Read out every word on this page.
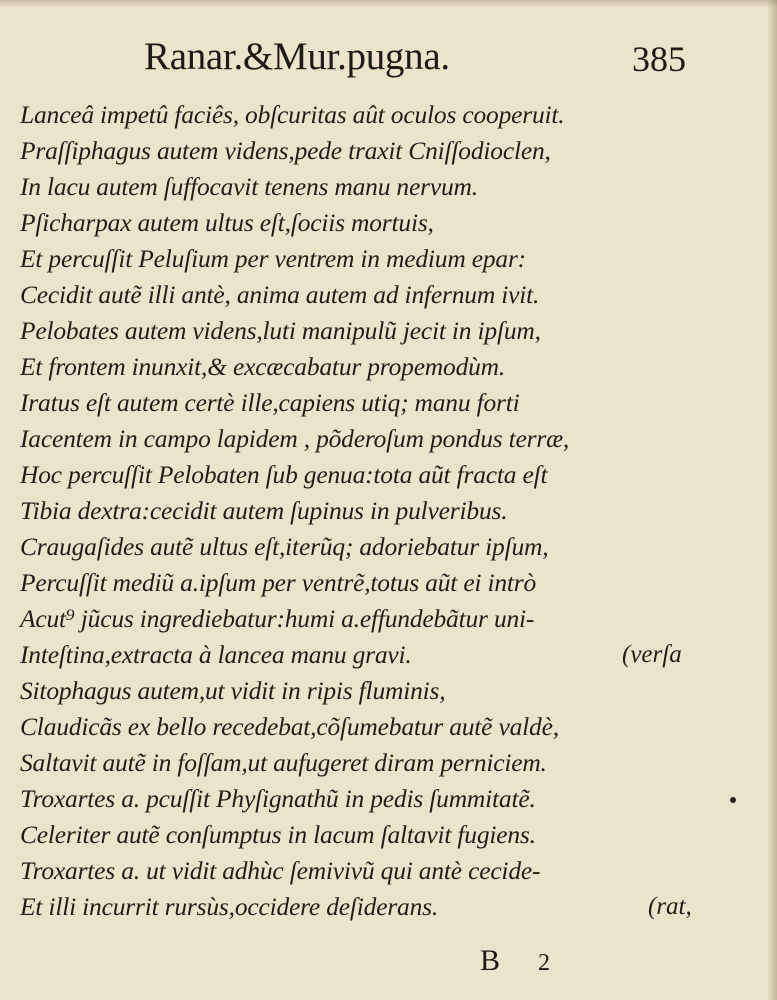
Ranar.&Mur.pugna.	385
Lanceâ impetû faciês, obſcuritas aût oculos cooperuit.
Praſſiphagus autem videns,pede traxit Cniſſodioclen,
In lacu autem ſuffocavit tenens manu nervum.
Pſicharpax autem ultus eſt,ſociis mortuis,
Et percuſſit Peluſium per ventrem in medium epar:
Cecidit autẽ illi antè, anima autem ad infernum ivit.
Pelobates autem videns,luti manipulũ jecit in ipſum,
Et frontem inunxit,& excæcabatur propemodùm.
Iratus eſt autem certè ille,capiens utiq; manu forti
Iacentem in campo lapidem , põderoſum pondus terræ,
Hoc percuſſit Pelobaten ſub genua:tota aũt fracta eſt
Tibia dextra:cecidit autem ſupinus in pulveribus.
Craugaſides autẽ ultus eſt,iterũq; adoriebatur ipſum,
Percuſſit mediũ a.ipſum per ventrẽ,totus aũt ei intrò
Acut⁹ jũcus ingrediebatur:humi a.effundebãtur uni-
Inteſtina,extracta à lancea manu gravi.	(verſa
Sitophagus autem,ut vidit in ripis fluminis,
Claudicãs ex bello recedebat,cõſumebatur autẽ valdè,
Saltavit autẽ in foſſam,ut aufugeret diram perniciem.
Troxartes a. pcuſſit Phyſignathũ in pedis ſummitatẽ.
Celeriter autẽ conſumptus in lacum ſaltavit fugiens.
Troxartes a. ut vidit adhùc ſemivivũ qui antè cecide-
Et illi incurrit rursùs,occidere deſiderans.	(rat,
B 2
